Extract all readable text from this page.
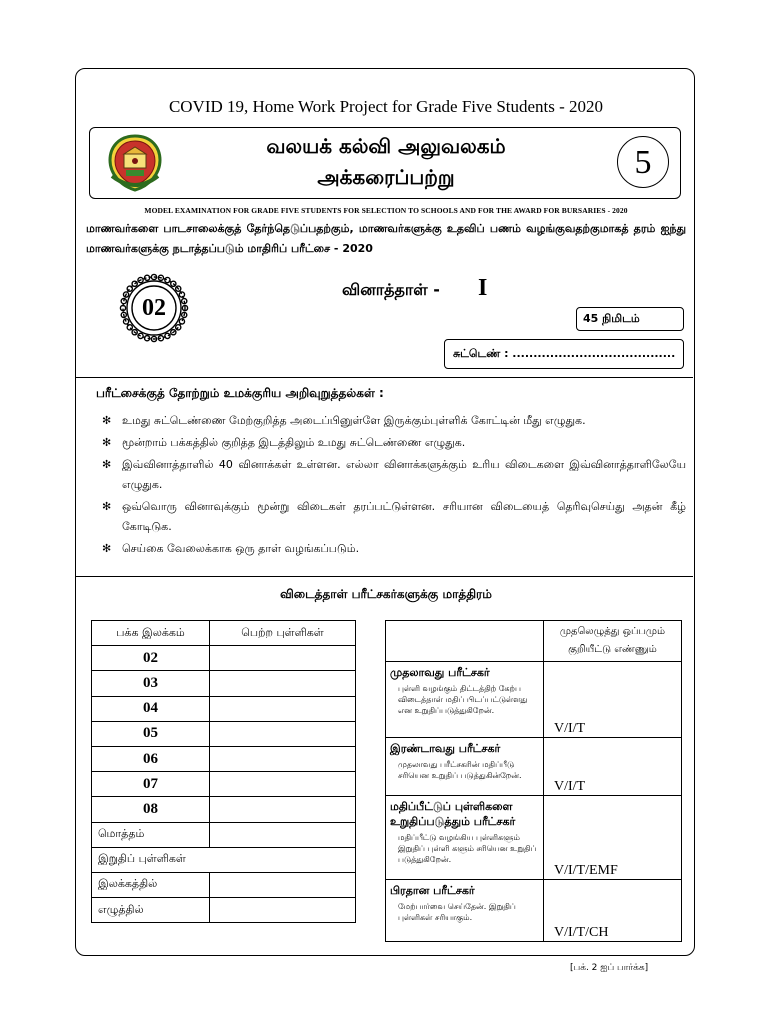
COVID 19, Home Work Project for Grade Five Students - 2020
வலயக் கல்வி அலுவலகம்
அக்கரைப்பற்று	5
MODEL EXAMINATION FOR GRADE FIVE STUDENTS FOR SELECTION TO SCHOOLS AND FOR THE AWARD FOR BURSARIES - 2020
மாணவர்களை பாடசாலைக்குத் தேர்ந்தெடுப்பதற்கும், மாணவர்களுக்கு உதவிப் பணம் வழங்குவதற்குமாகத் தரம் ஐந்து மாணவர்களுக்கு நடாத்தப்படும் மாதிரிப் பரீட்சை - 2020
02
வினாத்தாள் - I
45 நிமிடம்
சுட்டெண் : .......................................
பரீட்சைக்குத் தோற்றும் உமக்குரிய அறிவுறுத்தல்கள் :
✻ உமது சுட்டெண்ணை மேற்குறித்த அடைப்பினுள்ளே இருக்கும்புள்ளிக் கோட்டின் மீது எழுதுக.
✻ மூன்றாம் பக்கத்தில் குறித்த இடத்திலும் உமது சுட்டெண்ணை எழுதுக.
✻ இவ்வினாத்தாளில் 40 வினாக்கள் உள்ளன. எல்லா வினாக்களுக்கும் உரிய விடைகளை இவ்வினாத்தாளிலேயே எழுதுக.
✻ ஒவ்வொரு வினாவுக்கும் மூன்று விடைகள் தரப்பட்டுள்ளன. சரியான விடையைத் தெரிவுசெய்து அதன் கீழ் கோடிடுக.
✻ செய்கை வேலைக்காக ஒரு தாள் வழங்கப்படும்.
விடைத்தாள் பரீட்சகர்களுக்கு மாத்திரம்
பக்க இலக்கம்	பெற்ற புள்ளிகள்
02	
03	
04	
05	
06	
07	
08	
மொத்தம்	
இறுதிப் புள்ளிகள்	
இலக்கத்தில்	
எழுத்தில்	
	முதலெழுத்து ஒப்பமும் குறியீட்டு எண்ணும்

முதலாவது பரீட்சகர்
புள்ளி வழங்கும் திட்டத்திற் கேற்ப விடைத்தாள் மதிப் பிடப்பட்டுள்ளது என உறுதிப்படுத்துகிறேன்.	V/I/T

இரண்டாவது பரீட்சகர்
முதலாவது பரீட்சகரின் மதிப்பீடு சரியென உறுதிப் படுத்துகின்றேன்.	V/I/T

மதிப்பீட்டுப் புள்ளிகளை உறுதிப்படுத்தும் பரீட்சகர்
மதிப்பீட்டு வழங்கிய புள்ளிகளும் இறுதிப் புள்ளி களும் சரியென உறுதிப் படுத்துகிறேன்.	V/I/T/EMF

பிரதான பரீட்சகர்
மேற்பார்வை செய்தேன். இறுதிப் புள்ளிகள் சரியாகும்.	V/I/T/CH
[பக். 2 ஐப் பார்க்க]
